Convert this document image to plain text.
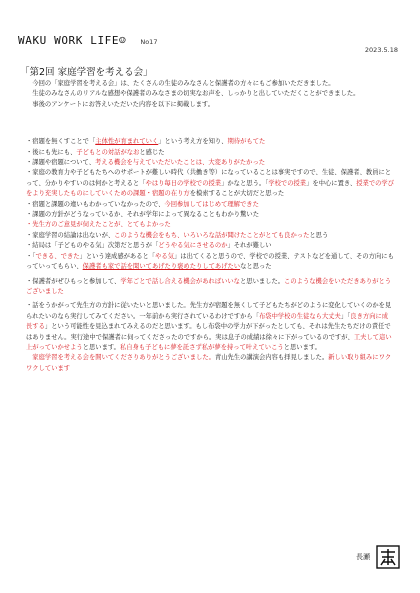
WAKU WORK LIFE☺ No17
2023.5.18
「第2回 家庭学習を考える会」

　今回の「家庭学習を考える会」は、たくさんの生徒のみなさんと保護者の方々にもご参加いただきました。

　生徒のみなさんのリアルな感想や保護者のみなさまの切実なお声を、しっかりと出していただくことができました。

　事後のアンケートにお答えいただいた内容を以下に掲載します。

・宿題を無くすことで「主体性が育まれていく」という考え方を知り、期待がもてた

・後にも先にも、子どもとの対話がなおと感じた

・課題や宿題について、考える機会を与えていただいたことは、大変ありがたかった

・家庭の教育力や子どもたちへのサポートが難しい時代（共働き等）になっていることは事実ですので、生徒、保護者、教員にとって、分かりやすいのは何かと考えると「やはり毎日の学校での授業」かなと思う。「学校での授業」を中心に置き、授業での学びをより充実したものにしていくための課題・宿題の在り方を模索することが大切だと思った

・宿題と課題の違いもわかっていなかったので、今回参加してはじめて理解できた

・課題の方針がどうなっているか、それが学年によって異なることもわかり驚いた

・先生方のご意見が伺えたことが、とてもよかった

・家庭学習の結論は出ないが、このような機会をもち、いろいろな話が聞けたことがとても良かったと思う

・結局は「子どものやる気」次第だと思うが「どうやる気にさせるのか」それが難しい

・「できる、できた」という達成感があると「やる気」は出てくると思うので、学校での授業、テストなどを通して、その方向にもっていってもらい、保護者も家で話を聞いてあげたり褒めたりしてあげたいなと思った

・保護者がぜひもっと参加して、学年ごとで話し合える機会があればいいなと思いました。このような機会をいただきありがとうございました

・話をうかがって先生方の方針に従いたいと思いました。先生方が宿題を無くして子どもたちがどのように変化していくのかを見られたいのなら実行してみてください。一年前から実行されているわけですから「布袋中学校の生徒なら大丈夫」「良き方向に成長する」という可能性を見込まれてみえるのだと思います。もし布袋中の学力が下がったとしても、それは先生たちだけの責任ではありません。実行途中で保護者に伺ってくださったのですから。実は息子の成績は徐々に下がっているのですが、工夫して這い上がっていかせようと思います。私自身も子どもに夢を託さず私が夢を持って叶えていこうと思います。

　家庭学習を考える会を開いてくださりありがとうございました。青山先生の講演会内容も拝見しました。新しい取り組みにワクワクしています

長瀬
